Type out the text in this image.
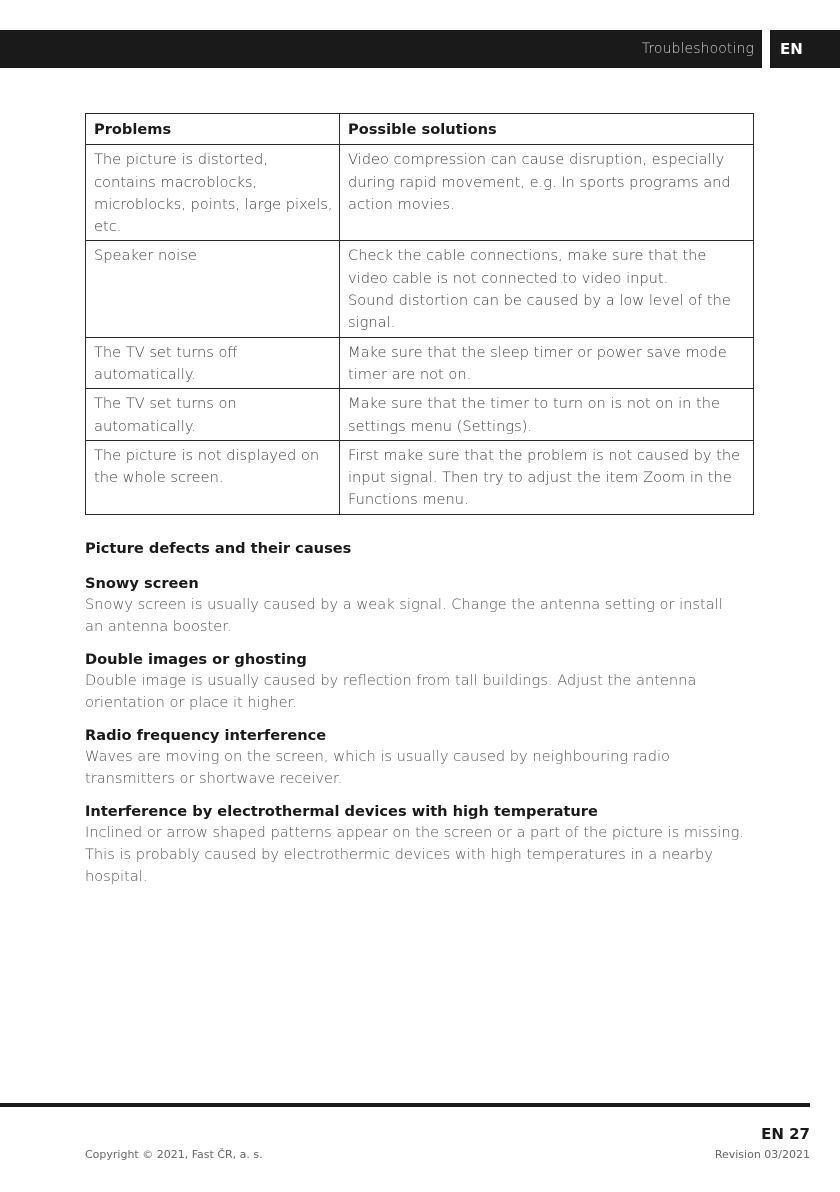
Troubleshooting	EN
Problems	Possible solutions

The picture is distorted,
contains macroblocks,
microblocks, points, large pixels,
etc.	Video compression can cause disruption, especially
during rapid movement, e.g. In sports programs and
action movies.

Speaker noise	Check the cable connections, make sure that the
video cable is not connected to video input.
Sound distortion can be caused by a low level of the
signal.

The TV set turns off
automatically.	Make sure that the sleep timer or power save mode
timer are not on.

The TV set turns on
automatically.	Make sure that the timer to turn on is not on in the
settings menu (Settings).

The picture is not displayed on
the whole screen.	First make sure that the problem is not caused by the
input signal. Then try to adjust the item Zoom in the
Functions menu.
Picture defects and their causes
Snowy screen
Snowy screen is usually caused by a weak signal. Change the antenna setting or install
an antenna booster.
Double images or ghosting
Double image is usually caused by reflection from tall buildings. Adjust the antenna
orientation or place it higher.
Radio frequency interference
Waves are moving on the screen, which is usually caused by neighbouring radio
transmitters or shortwave receiver.
Interference by electrothermal devices with high temperature
Inclined or arrow shaped patterns appear on the screen or a part of the picture is missing.
This is probably caused by electrothermic devices with high temperatures in a nearby
hospital.
EN 27
Copyright © 2021, Fast ČR, a. s.	Revision 03/2021
